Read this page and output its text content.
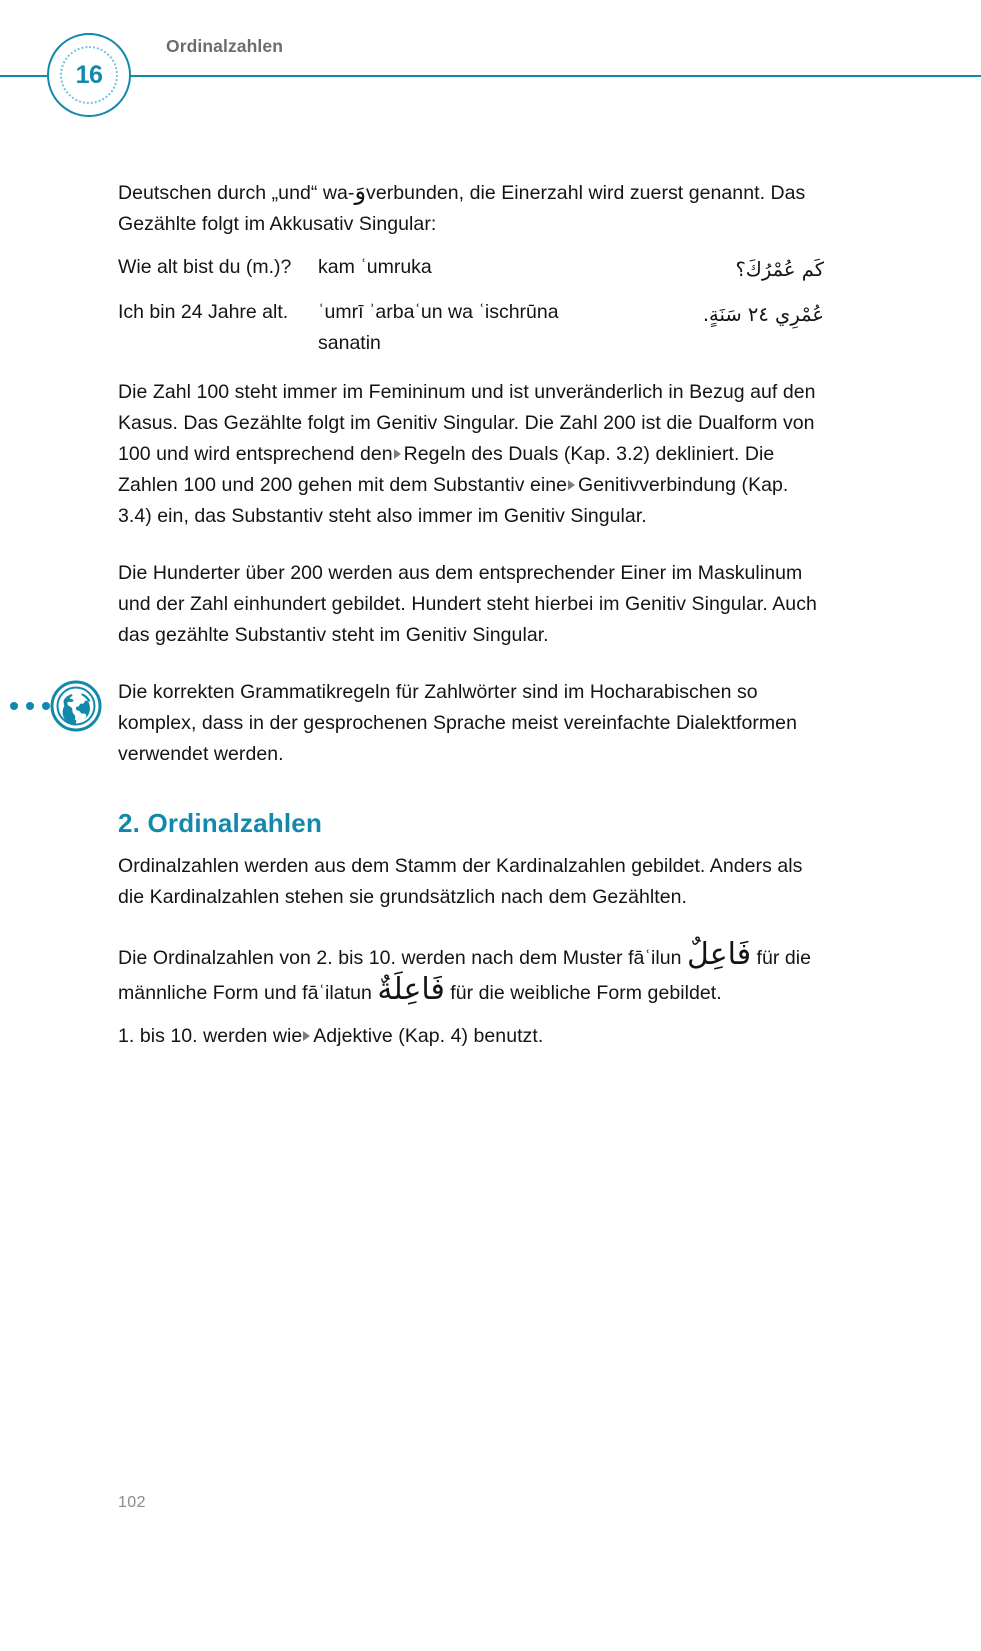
16
Ordinalzahlen

Deutschen durch „und“ wa-وَverbunden, die Einerzahl wird zuerst genannt. Das Gezählte folgt im Akkusativ Singular:

Wie alt bist du (m.)?	kam ʿumruka	كَم عُمْرُكَ؟
Ich bin 24 Jahre alt.	ʿumrī ʾarbaʿun wa ʿischrūna sanatin	عُمْرِي ٢٤ سَنَةٍ.

Die Zahl 100 steht immer im Femininum und ist unveränderlich in Bezug auf den Kasus. Das Gezählte folgt im Genitiv Singular. Die Zahl 200 ist die Dualform von 100 und wird entsprechend den Regeln des Duals (Kap. 3.2) dekliniert. Die Zahlen 100 und 200 gehen mit dem Substantiv eine Genitivverbindung (Kap. 3.4) ein, das Substantiv steht also immer im Genitiv Singular.

Die Hunderter über 200 werden aus dem entsprechender Einer im Maskulinum und der Zahl einhundert gebildet. Hundert steht hierbei im Genitiv Singular. Auch das gezählte Substantiv steht im Genitiv Singular.

Die korrekten Grammatikregeln für Zahlwörter sind im Hocharabischen so komplex, dass in der gesprochenen Sprache meist vereinfachte Dialektformen verwendet werden.

2. Ordinalzahlen

Ordinalzahlen werden aus dem Stamm der Kardinalzahlen gebildet. Anders als die Kardinalzahlen stehen sie grundsätzlich nach dem Gezählten.

Die Ordinalzahlen von 2. bis 10. werden nach dem Muster fāʿilun فَاعِلٌ für die männliche Form und fāʿilatun فَاعِلَةٌ für die weibliche Form gebildet.

1. bis 10. werden wie Adjektive (Kap. 4) benutzt.

102
